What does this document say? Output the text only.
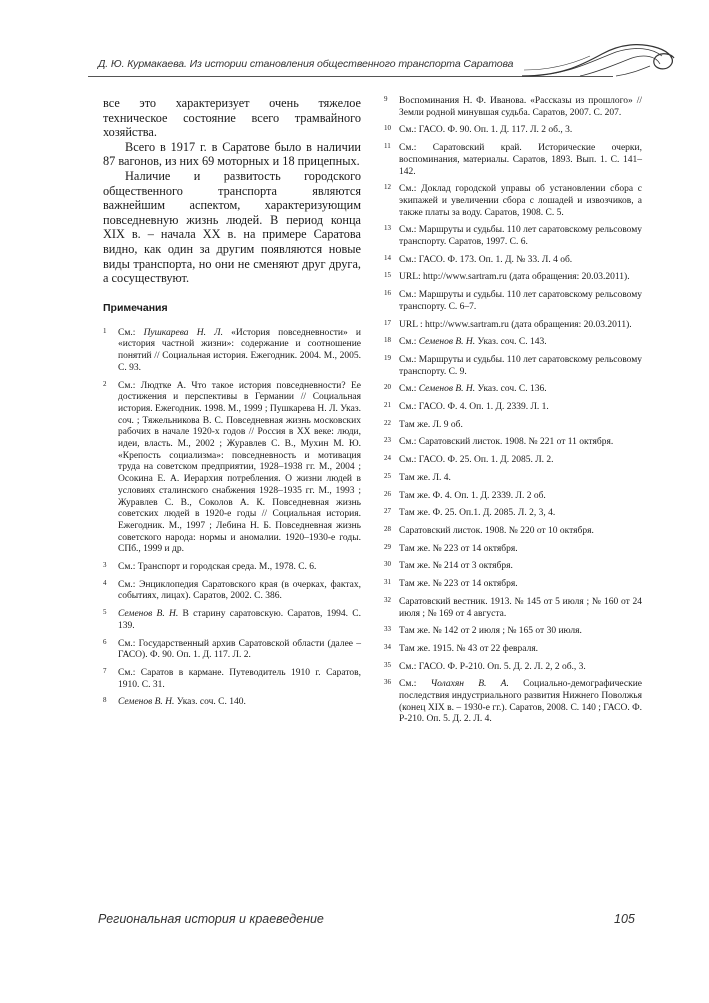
Д. Ю. Курмакаева. Из истории становления общественного транспорта Саратова

все это характеризует очень тяжелое техническое состояние всего трамвайного хозяйства.

Всего в 1917 г. в Саратове было в наличии 87 вагонов, из них 69 моторных и 18 прицепных.

Наличие и развитость городского общественного транспорта являются важнейшим аспектом, характеризующим повседневную жизнь людей. В период конца XIX в. – начала XX в. на примере Саратова видно, как один за другим появляются новые виды транспорта, но они не сменяют друг друга, а сосуществуют.

Примечания
1 См.: Пушкарева Н. Л. «История повседневности» и «история частной жизни»: содержание и соотношение понятий // Социальная история. Ежегодник. 2004. М., 2005. С. 93.
2 См.: Людтке А. Что такое история повседневности? Ее достижения и перспективы в Германии // Социальная история. Ежегодник. 1998. М., 1999 ; Пушкарева Н. Л. Указ. соч. ; Тяжельникова В. С. Повседневная жизнь московских рабочих в начале 1920-х годов // Россия в XX веке: люди, идеи, власть. М., 2002 ; Журавлев С. В., Мухин М. Ю. «Крепость социализма»: повседневность и мотивация труда на советском предприятии, 1928–1938 гг. М., 2004 ; Осокина Е. А. Иерархия потребления. О жизни людей в условиях сталинского снабжения 1928–1935 гг. М., 1993 ; Журавлев С. В., Соколов А. К. Повседневная жизнь советских людей в 1920-е годы // Социальная история. Ежегодник. М., 1997 ; Лебина Н. Б. Повседневная жизнь советского народа: нормы и аномалии. 1920–1930-е годы. СПб., 1999 и др.
3 См.: Транспорт и городская среда. М., 1978. С. 6.
4 См.: Энциклопедия Саратовского края (в очерках, фактах, событиях, лицах). Саратов, 2002. С. 386.
5 Семенов В. Н. В старину саратовскую. Саратов, 1994. С. 139.
6 См.: Государственный архив Саратовской области (далее – ГАСО). Ф. 90. Оп. 1. Д. 117. Л. 2.
7 См.: Саратов в кармане. Путеводитель 1910 г. Саратов, 1910. С. 31.
8 Семенов В. Н. Указ. соч. С. 140.
9 Воспоминания Н. Ф. Иванова. «Рассказы из прошлого» // Земли родной минувшая судьба. Саратов, 2007. С. 207.
10 См.: ГАСО. Ф. 90. Оп. 1. Д. 117. Л. 2 об., 3.
11 См.: Саратовский край. Исторические очерки, воспоминания, материалы. Саратов, 1893. Вып. 1. С. 141–142.
12 См.: Доклад городской управы об установлении сбора с экипажей и увеличении сбора с лошадей и извозчиков, а также платы за воду. Саратов, 1908. С. 5.
13 См.: Маршруты и судьбы. 110 лет саратовскому рельсовому транспорту. Саратов, 1997. С. 6.
14 См.: ГАСО. Ф. 173. Оп. 1. Д. № 33. Л. 4 об.
15 URL: http://www.sartram.ru (дата обращения: 20.03.2011).
16 См.: Маршруты и судьбы. 110 лет саратовскому рельсовому транспорту. С. 6–7.
17 URL : http://www.sartram.ru (дата обращения: 20.03.2011).
18 См.: Семенов В. Н. Указ. соч. С. 143.
19 См.: Маршруты и судьбы. 110 лет саратовскому рельсовому транспорту. С. 9.
20 См.: Семенов В. Н. Указ. соч. С. 136.
21 См.: ГАСО. Ф. 4. Оп. 1. Д. 2339. Л. 1.
22 Там же. Л. 9 об.
23 См.: Саратовский листок. 1908. № 221 от 11 октября.
24 См.: ГАСО. Ф. 25. Оп. 1. Д. 2085. Л. 2.
25 Там же. Л. 4.
26 Там же. Ф. 4. Оп. 1. Д. 2339. Л. 2 об.
27 Там же. Ф. 25. Оп.1. Д. 2085. Л. 2, 3, 4.
28 Саратовский листок. 1908. № 220 от 10 октября.
29 Там же. № 223 от 14 октября.
30 Там же. № 214 от 3 октября.
31 Там же. № 223 от 14 октября.
32 Саратовский вестник. 1913. № 145 от 5 июля ; № 160 от 24 июля ; № 169 от 4 августа.
33 Там же. № 142 от 2 июля ; № 165 от 30 июля.
34 Там же. 1915. № 43 от 22 февраля.
35 См.: ГАСО. Ф. Р-210. Оп. 5. Д. 2. Л. 2, 2 об., 3.
36 См.: Чолахян В. А. Социально-демографические последствия индустриального развития Нижнего Поволжья (конец XIX в. – 1930-е гг.). Саратов, 2008. С. 140 ; ГАСО. Ф. Р-210. Оп. 5. Д. 2. Л. 4.
Региональная история и краеведение	105
